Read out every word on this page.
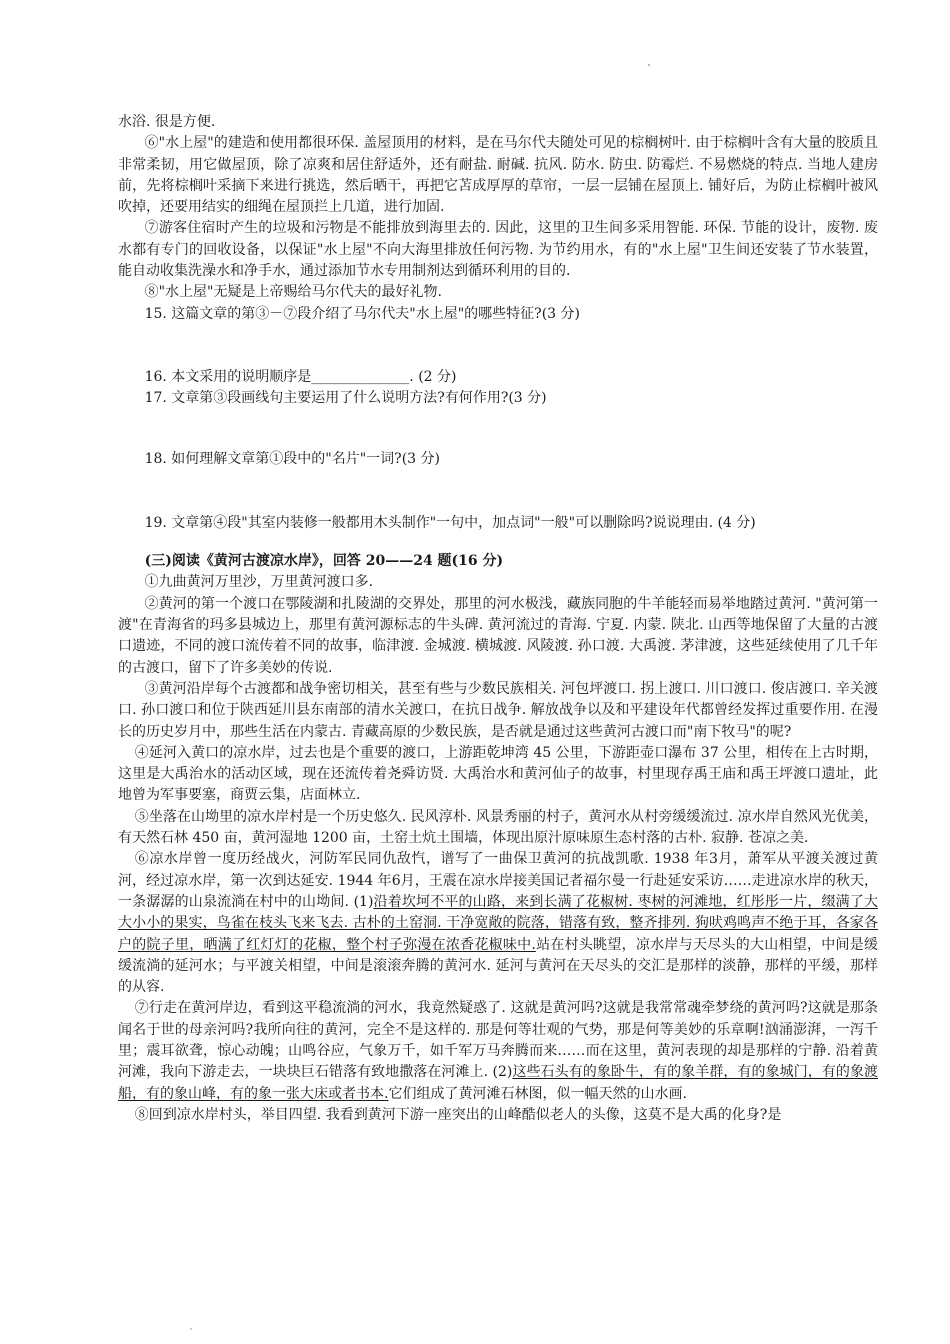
水浴. 很是方便.

⑥"水上屋"的建造和使用都很环保. 盖屋顶用的材料，是在马尔代夫随处可见的棕榈树叶. 由于棕榈叶含有大量的胶质且非常柔韧，用它做屋顶，除了凉爽和居住舒适外，还有耐盐. 耐碱. 抗风. 防水. 防虫. 防霉烂. 不易燃烧的特点. 当地人建房前，先将棕榈叶采摘下来进行挑选，然后晒干，再把它苫成厚厚的草帘，一层一层铺在屋顶上. 铺好后，为防止棕榈叶被风吹掉，还要用结实的细绳在屋顶拦上几道，进行加固.

⑦游客住宿时产生的垃圾和污物是不能排放到海里去的. 因此，这里的卫生间多采用智能. 环保. 节能的设计，废物. 废水都有专门的回收设备，以保证"水上屋"不向大海里排放任何污物. 为节约用水，有的"水上屋"卫生间还安装了节水装置，能自动收集洗澡水和净手水，通过添加节水专用制剂达到循环利用的目的.

⑧"水上屋"无疑是上帝赐给马尔代夫的最好礼物.

15. 这篇文章的第③－⑦段介绍了马尔代夫"水上屋"的哪些特征?(3 分)

16. 本文采用的说明顺序是______________. (2 分)

17. 文章第③段画线句主要运用了什么说明方法?有何作用?(3 分)

18. 如何理解文章第①段中的"名片"一词?(3 分)

19. 文章第④段"其室内装修一般都用木头制作"一句中，加点词"一般"可以删除吗?说说理由. (4 分)

(三)阅读《黄河古渡凉水岸》，回答 20——24 题(16 分)

①九曲黄河万里沙，万里黄河渡口多.

②黄河的第一个渡口在鄂陵湖和扎陵湖的交界处，那里的河水极浅，藏族同胞的牛羊能轻而易举地踏过黄河. "黄河第一渡"在青海省的玛多县城边上，那里有黄河源标志的牛头碑. 黄河流过的青海. 宁夏. 内蒙. 陕北. 山西等地保留了大量的古渡口遗迹，不同的渡口流传着不同的故事，临津渡. 金城渡. 横城渡. 风陵渡. 孙口渡. 大禹渡. 茅津渡，这些延续使用了几千年的古渡口，留下了许多美妙的传说.

③黄河沿岸每个古渡都和战争密切相关，甚至有些与少数民族相关. 河包坪渡口. 拐上渡口. 川口渡口. 俊店渡口. 辛关渡口. 孙口渡口和位于陕西延川县东南部的清水关渡口，在抗日战争. 解放战争以及和平建设年代都曾经发挥过重要作用. 在漫长的历史岁月中，那些生活在内蒙古. 青藏高原的少数民族，是否就是通过这些黄河古渡口而"南下牧马"的呢?

④延河入黄口的凉水岸，过去也是个重要的渡口，上游距乾坤湾 45 公里，下游距壶口瀑布 37 公里，相传在上古时期，这里是大禹治水的活动区域，现在还流传着尧舜访贤. 大禹治水和黄河仙子的故事，村里现存禹王庙和禹王坪渡口遗址，此地曾为军事要塞，商贾云集，店面林立.

⑤坐落在山坳里的凉水岸村是一个历史悠久. 民风淳朴. 风景秀丽的村子，黄河水从村旁缓缓流过. 凉水岸自然风光优美，有天然石林 450 亩，黄河湿地 1200 亩，土窑土炕土围墙，体现出原汁原味原生态村落的古朴. 寂静. 苍凉之美.

⑥凉水岸曾一度历经战火，河防军民同仇敌忾，谱写了一曲保卫黄河的抗战凯歌. 1938 年3月，萧军从平渡关渡过黄河，经过凉水岸，第一次到达延安. 1944 年6月，王震在凉水岸接美国记者福尔曼一行赴延安采访……走进凉水岸的秋天，一条潺潺的山泉流淌在村中的山坳间. (1)沿着坎坷不平的山路，来到长满了花椒树. 枣树的河滩地，红彤彤一片，缀满了大大小小的果实，鸟雀在枝头飞来飞去. 古朴的土窑洞. 干净宽敞的院落，错落有致，整齐排列. 狗吠鸡鸣声不绝于耳，各家各户的院子里，晒满了红灯灯的花椒，整个村子弥漫在浓香花椒味中.站在村头眺望，凉水岸与天尽头的大山相望，中间是缓缓流淌的延河水；与平渡关相望，中间是滚滚奔腾的黄河水. 延河与黄河在天尽头的交汇是那样的淡静，那样的平缓，那样的从容.

⑦行走在黄河岸边，看到这平稳流淌的河水，我竟然疑惑了. 这就是黄河吗?这就是我常常魂牵梦绕的黄河吗?这就是那条闻名于世的母亲河吗?我所向往的黄河，完全不是这样的. 那是何等壮观的气势，那是何等美妙的乐章啊!汹涌澎湃，一泻千里；震耳欲聋，惊心动魄；山鸣谷应，气象万千，如千军万马奔腾而来……而在这里，黄河表现的却是那样的宁静. 沿着黄河滩，我向下游走去，一块块巨石错落有致地撒落在河滩上. (2)这些石头有的象卧牛，有的象羊群，有的象城门，有的象渡船，有的象山峰，有的象一张大床或者书本.它们组成了黄河滩石林图，似一幅天然的山水画.

⑧回到凉水岸村头，举目四望. 我看到黄河下游一座突出的山峰酷似老人的头像，这莫不是大禹的化身?是
